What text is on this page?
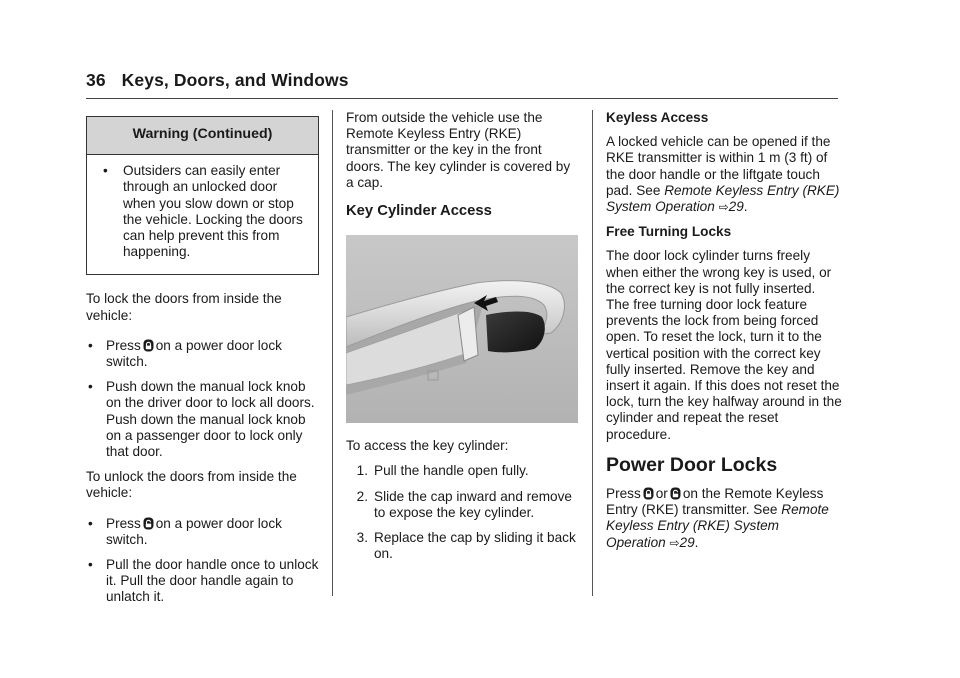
36 Keys, Doors, and Windows
Warning (Continued)
•	Outsiders can easily enter through an unlocked door when you slow down or stop the vehicle. Locking the doors can help prevent this from happening.

To lock the doors from inside the vehicle:

• Press on a power door lock switch.
• Push down the manual lock knob on the driver door to lock all doors. Push down the manual lock knob on a passenger door to lock only that door.

To unlock the doors from inside the vehicle:

• Press on a power door lock switch.
• Pull the door handle once to unlock it. Pull the door handle again to unlatch it.

From outside the vehicle use the Remote Keyless Entry (RKE) transmitter or the key in the front doors. The key cylinder is covered by a cap.

Key Cylinder Access

To access the key cylinder:

1. Pull the handle open fully.
2. Slide the cap inward and remove to expose the key cylinder.
3. Replace the cap by sliding it back on.
Keyless Access

A locked vehicle can be opened if the RKE transmitter is within 1 m (3 ft) of the door handle or the liftgate touch pad. See Remote Keyless Entry (RKE) System Operation ⇨29.

Free Turning Locks

The door lock cylinder turns freely when either the wrong key is used, or the correct key is not fully inserted. The free turning door lock feature prevents the lock from being forced open. To reset the lock, turn it to the vertical position with the correct key fully inserted. Remove the key and insert it again. If this does not reset the lock, turn the key halfway around in the cylinder and repeat the reset procedure.

Power Door Locks

Press or on the Remote Keyless Entry (RKE) transmitter. See Remote Keyless Entry (RKE) System Operation ⇨29.
